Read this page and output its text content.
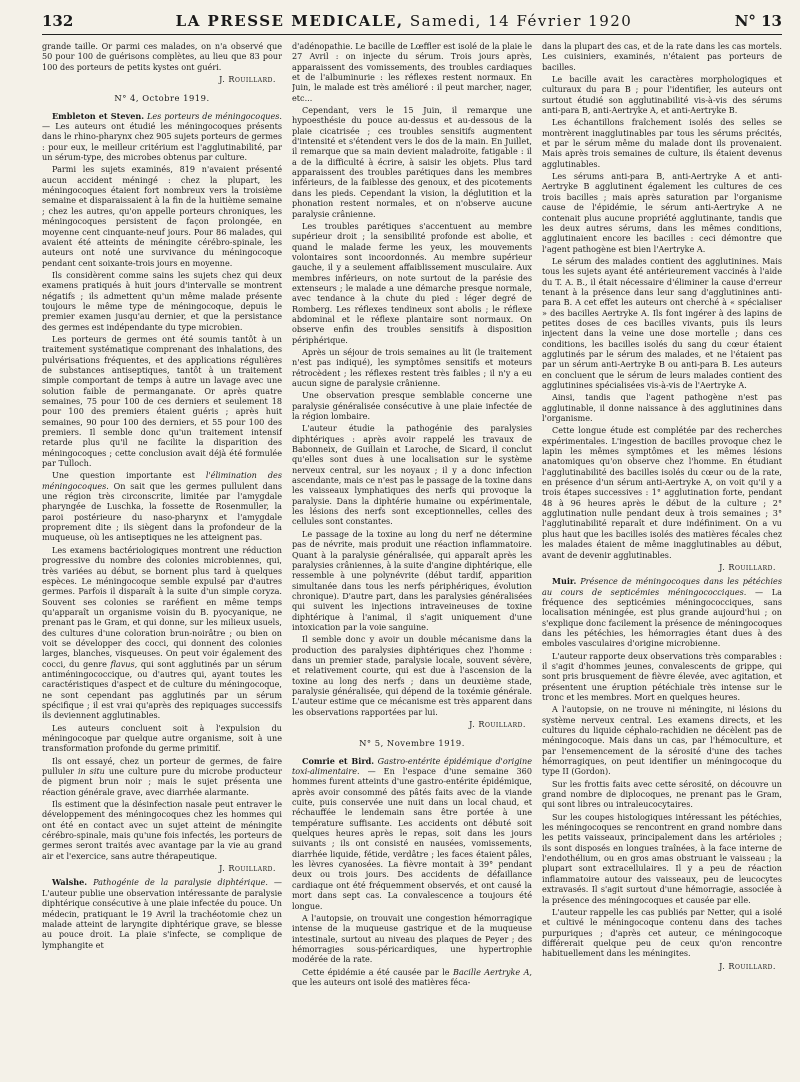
132	LA PRESSE MEDICALE, Samedi, 14 Février 1920	N° 13

grande taille. Or parmi ces malades, on n'a observé que 50 pour 100 de guérisons complètes, au lieu que 83 pour 100 des porteurs de petits kystes ont guéri.

J. Rouillard.
N° 4, Octobre 1919.

Embleton et Steven. Les porteurs de méningocoques. — Les auteurs ont étudié les méningocoques présents dans le rhino-pharynx chez 905 sujets porteurs de germes : pour eux, le meilleur critérium est l'agglutinabilité, par un sérum-type, des microbes obtenus par culture.

Parmi les sujets examinés, 819 n'avaient présenté aucun accident méningé : chez la plupart, les méningocoques étaient fort nombreux vers la troisième semaine et disparaissaient à la fin de la huitième semaine ; chez les autres, qu'on appelle porteurs chroniques, les méningocoques persistent de façon prolongée, en moyenne cent cinquante-neuf jours. Pour 86 malades, qui avaient été atteints de méningite cérébro-spinale, les auteurs ont noté une survivance du méningocoque pendant cent soixante-trois jours en moyenne.

Ils considèrent comme sains les sujets chez qui deux examens pratiqués à huit jours d'intervalle se montrent négatifs ; ils admettent qu'un même malade présente toujours le même type de méningocoque, depuis le premier examen jusqu'au dernier, et que la persistance des germes est indépendante du type microbien.

Les porteurs de germes ont été soumis tantôt à un traitement systématique comprenant des inhalations, des pulvérisations fréquentes, et des applications régulières de substances antiseptiques, tantôt à un traitement simple comportant de temps à autre un lavage avec une solution faible de permanganate. Or après quatre semaines, 75 pour 100 de ces derniers et seulement 18 pour 100 des premiers étaient guéris ; après huit semaines, 90 pour 100 des derniers, et 55 pour 100 des premiers. Il semble donc qu'un traitement intensif retarde plus qu'il ne facilite la disparition des méningocoques ; cette conclusion avait déjà été formulée par Tulloch.

Une question importante est l'élimination des méningocoques. On sait que les germes pullulent dans une région très circonscrite, limitée par l'amygdale pharyngée de Luschka, la fossette de Rosenmuller, la paroi postérieure du naso-pharynx et l'amygdale proprement dite ; ils siègent dans la profondeur de la muqueuse, où les antiseptiques ne les atteignent pas.

Les examens bactériologiques montrent une réduction progressive du nombre des colonies microbiennes, qui, très variées au début, se bornent plus tard à quelques espèces. Le méningocoque semble expulsé par d'autres germes. Parfois il disparaît à la suite d'un simple coryza. Souvent ses colonies se raréfient en même temps qu'apparaît un organisme voisin du B. pyocyanique, ne prenant pas le Gram, et qui donne, sur les milieux usuels, des cultures d'une coloration brun-noirâtre ; ou bien on voit se développer des cocci, qui donnent des colonies larges, blanches, visqueuses. On peut voir également des cocci, du genre flavus, qui sont agglutinés par un sérum antiméningococcique, ou d'autres qui, ayant toutes les caractéristiques d'aspect et de culture du méningocoque, ne sont cependant pas agglutinés par un sérum spécifique ; il est vrai qu'après des repiquages successifs ils deviennent agglutinables.

Les auteurs concluent soit à l'expulsion du méningocoque par quelque autre organisme, soit à une transformation profonde du germe primitif.

Ils ont essayé, chez un porteur de germes, de faire pulluler in situ une culture pure du microbe producteur de pigment brun noir ; mais le sujet présenta une réaction générale grave, avec diarrhée alarmante.

Ils estiment que la désinfection nasale peut entraver le développement des méningocoques chez les hommes qui ont été en contact avec un sujet atteint de méningite cérébro-spinale, mais qu'une fois infectés, les porteurs de germes seront traités avec avantage par la vie au grand air et l'exercice, sans autre thérapeutique.

J. Rouillard.

Walshe. Pathogénie de la paralysie diphtérique. — L'auteur publie une observation intéressante de paralysie diphtérique consécutive à une plaie infectée du pouce. Un médecin, pratiquant le 19 Avril la trachéotomie chez un malade atteint de laryngite diphtérique grave, se blesse au pouce droit. La plaie s'infecte, se complique de lymphangite et

d'adénopathie. Le bacille de Lœffler est isolé de la plaie le 27 Avril : on injecte du sérum. Trois jours après, apparaissent des vomissements, des troubles cardiaques et de l'albuminurie : les réflexes restent normaux. En Juin, le malade est très amélioré : il peut marcher, nager, etc...

Cependant, vers le 15 Juin, il remarque une hypoesthésie du pouce au-dessus et au-dessous de la plaie cicatrisée ; ces troubles sensitifs augmentent d'intensité et s'étendent vers le dos de la main. En Juillet, il remarque que sa main devient maladroite, fatigable : il a de la difficulté à écrire, à saisir les objets. Plus tard apparaissent des troubles parétiques dans les membres inférieurs, de la faiblesse des genoux, et des picotements dans les pieds. Cependant la vision, la déglutition et la phonation restent normales, et on n'observe aucune paralysie crânienne.

Les troubles parétiques s'accentuent au membre supérieur droit ; la sensibilité profonde est abolie, et quand le malade ferme les yeux, les mouvements volontaires sont incoordonnés. Au membre supérieur gauche, il y a seulement affaiblissement musculaire. Aux membres inférieurs, on note surtout de la parésie des extenseurs ; le malade a une démarche presque normale, avec tendance à la chute du pied : léger degré de Romberg. Les réflexes tendineux sont abolis ; le réflexe abdominal et le réflexe plantaire sont normaux. On observe enfin des troubles sensitifs à disposition périphérique.

Après un séjour de trois semaines au lit (le traitement n'est pas indiqué), les symptômes sensitifs et moteurs rétrocèdent ; les réflexes restent très faibles ; il n'y a eu aucun signe de paralysie crânienne.

Une observation presque semblable concerne une paralysie généralisée consécutive à une plaie infectée de la région lombaire.

L'auteur étudie la pathogénie des paralysies diphtériques : après avoir rappelé les travaux de Babonneix, de Guillain et Laroche, de Sicard, il conclut qu'elles sont dues à une localisation sur le système nerveux central, sur les noyaux ; il y a donc infection ascendante, mais ce n'est pas le passage de la toxine dans les vaisseaux lymphatiques des nerfs qui provoque la paralysie. Dans la diphtérie humaine ou expérimentale, les lésions des nerfs sont exceptionnelles, celles des cellules sont constantes.

Le passage de la toxine au long du nerf ne détermine pas de névrite, mais produit une réaction inflammatoire. Quant à la paralysie généralisée, qui apparaît après les paralysies crâniennes, à la suite d'angine diphtérique, elle ressemble à une polynévrite (début tardif, apparition simultanée dans tous les nerfs périphériques, évolution chronique). D'autre part, dans les paralysies généralisées qui suivent les injections intraveineuses de toxine diphtérique à l'animal, il s'agit uniquement d'une intoxication par la voie sanguine.

Il semble donc y avoir un double mécanisme dans la production des paralysies diphtériques chez l'homme : dans un premier stade, paralysie locale, souvent sévère, et relativement courte, qui est due à l'ascension de la toxine au long des nerfs ; dans un deuxième stade, paralysie généralisée, qui dépend de la toxémie générale. L'auteur estime que ce mécanisme est très apparent dans les observations rapportées par lui.

J. Rouillard.
N° 5, Novembre 1919.

Comrie et Bird. Gastro-entérite épidémique d'origine toxi-alimentaire. — En l'espace d'une semaine 360 hommes furent atteints d'une gastro-entérite épidémique, après avoir consommé des pâtés faits avec de la viande cuite, puis conservée une nuit dans un local chaud, et réchauffée le lendemain sans être portée à une température suffisante. Les accidents ont débuté soit quelques heures après le repas, soit dans les jours suivants ; ils ont consisté en nausées, vomissements, diarrhée liquide, fétide, verdâtre ; les faces étaient pâles, les lèvres cyanosées. La fièvre montait à 39° pendant deux ou trois jours. Des accidents de défaillance cardiaque ont été fréquemment observés, et ont causé la mort dans sept cas. La convalescence a toujours été longue.

A l'autopsie, on trouvait une congestion hémorragique intense de la muqueuse gastrique et de la muqueuse intestinale, surtout au niveau des plaques de Peyer ; des hémorragies sous-péricardiques, une hypertrophie modérée de la rate.

Cette épidémie a été causée par le Bacille Aertryke A, que les auteurs ont isolé des matières féca-

dans la plupart des cas, et de la rate dans les cas mortels. Les cuisiniers, examinés, n'étaient pas porteurs de bacilles.

Le bacille avait les caractères morphologiques et culturaux du para B ; pour l'identifier, les auteurs ont surtout étudié son agglutinabilité vis-à-vis des sérums anti-para B, anti-Aertryke A, et anti-Aertryke B.

Les échantillons fraîchement isolés des selles se montrèrent inagglutinables par tous les sérums précités, et par le sérum même du malade dont ils provenaient. Mais après trois semaines de culture, ils étaient devenus agglutinables.

Les sérums anti-para B, anti-Aertryke A et anti-Aertryke B agglutinent également les cultures de ces trois bacilles ; mais après saturation par l'organisme cause de l'épidémie, le sérum anti-Aertryke A ne contenait plus aucune propriété agglutinante, tandis que les deux autres sérums, dans les mêmes conditions, agglutinaient encore les bacilles : ceci démontre que l'agent pathogène est bien l'Aertryke A.

Le sérum des malades contient des agglutinines. Mais tous les sujets ayant été antérieurement vaccinés à l'aide du T. A. B., il était nécessaire d'éliminer la cause d'erreur tenant à la présence dans leur sang d'agglutinines anti-para B. A cet effet les auteurs ont cherché à « spécialiser » des bacilles Aertryke A. Ils font ingérer à des lapins de petites doses de ces bacilles vivants, puis ils leurs injectent dans la veine une dose mortelle ; dans ces conditions, les bacilles isolés du sang du cœur étaient agglutinés par le sérum des malades, et ne l'étaient pas par un sérum anti-Aertryke B ou anti-para B. Les auteurs en concluent que le sérum de leurs malades contient des agglutinines spécialisées vis-à-vis de l'Aertryke A.

Ainsi, tandis que l'agent pathogène n'est pas agglutinable, il donne naissance à des agglutinines dans l'organisme.

Cette longue étude est complétée par des recherches expérimentales. L'ingestion de bacilles provoque chez le lapin les mêmes symptômes et les mêmes lésions anatomiques qu'on observe chez l'homme. En étudiant l'agglutinabilité des bacilles isolés du cœur ou de la rate, en présence d'un sérum anti-Aertryke A, on voit qu'il y a trois étapes successives : 1° agglutination forte, pendant 48 à 96 heures après le début de la culture ; 2° agglutination nulle pendant deux à trois semaines ; 3° l'agglutinabilité reparaît et dure indéfiniment. On a vu plus haut que les bacilles isolés des matières fécales chez les malades étaient de même inagglutinables au début, avant de devenir agglutinables.

J. Rouillard.

Muir. Présence de méningocoques dans les pétéchies au cours de septicémies méningococciques. — La fréquence des septicémies méningococciques, sans localisation méningée, est plus grande aujourd'hui ; on s'explique donc facilement la présence de méningocoques dans les pétéchies, les hémorragies étant dues à des emboles vasculaires d'origine microbienne.

L'auteur rapporte deux observations très comparables : il s'agit d'hommes jeunes, convalescents de grippe, qui sont pris brusquement de fièvre élevée, avec agitation, et présentent une éruption pétéchiale très intense sur le tronc et les membres. Mort en quelques heures.

A l'autopsie, on ne trouve ni méningite, ni lésions du système nerveux central. Les examens directs, et les cultures du liquide céphalo-rachidien ne décèlent pas de méningocoque. Mais dans un cas, par l'hémoculture, et par l'ensemencement de la sérosité d'une des taches hémorragiques, on peut identifier un méningocoque du type II (Gordon).

Sur les frottis faits avec cette sérosité, on découvre un grand nombre de diplocoques, ne prenant pas le Gram, qui sont libres ou intraleucocytaires.

Sur les coupes histologiques intéressant les pétéchies, les méningocoques se rencontrent en grand nombre dans les petits vaisseaux, principalement dans les artérioles ; ils sont disposés en longues traînées, à la face interne de l'endothélium, ou en gros amas obstruant le vaisseau ; la plupart sont extracellulaires. Il y a peu de réaction inflammatoire autour des vaisseaux, peu de leucocytes extravasés. Il s'agit surtout d'une hémorragie, associée à la présence des méningocoques et causée par elle.

L'auteur rappelle les cas publiés par Netter, qui a isolé et cultivé le méningocoque contenu dans des taches purpuriques ; d'après cet auteur, ce méningocoque différerait quelque peu de ceux qu'on rencontre habituellement dans les méningites.

J. Rouillard.
